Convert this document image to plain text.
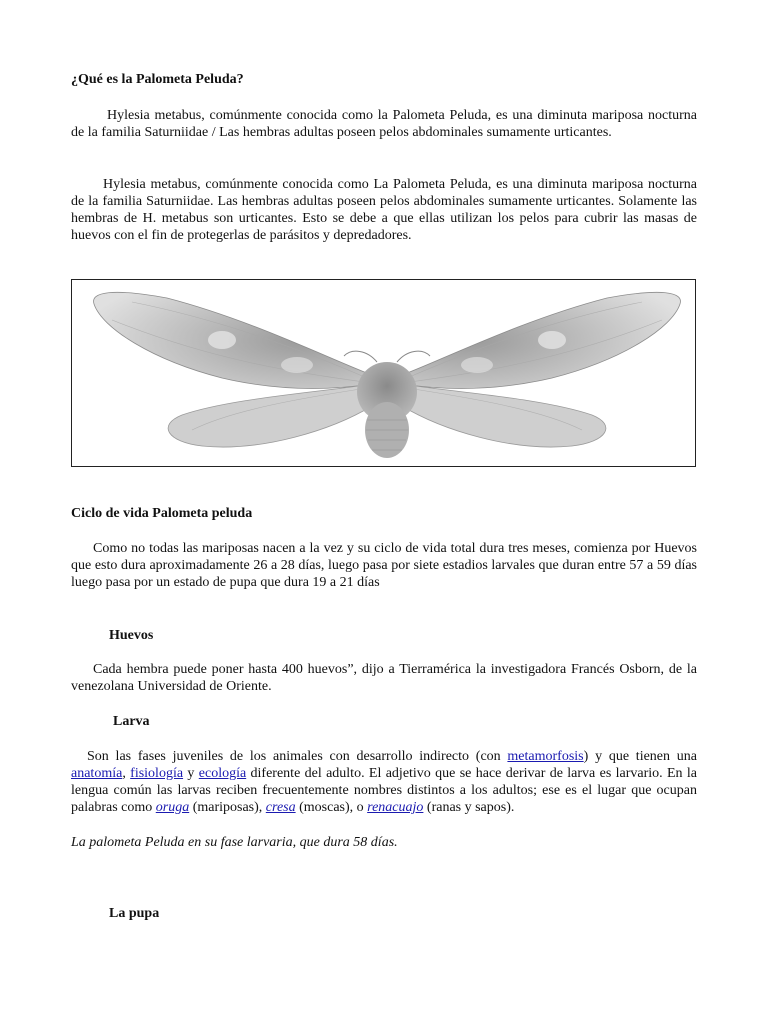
¿Qué es la Palometa Peluda?

Hylesia metabus, comúnmente conocida como la Palometa Peluda, es una diminuta mariposa nocturna de la familia Saturniidae / Las hembras adultas poseen pelos abdominales sumamente urticantes.

Hylesia metabus, comúnmente conocida como La Palometa Peluda, es una diminuta mariposa nocturna de la familia Saturniidae. Las hembras adultas poseen pelos abdominales sumamente urticantes. Solamente las hembras de H. metabus son urticantes. Esto se debe a que ellas utilizan los pelos para cubrir las masas de huevos con el fin de protegerlas de parásitos y depredadores.

Ciclo de vida Palometa peluda

Como no todas las mariposas nacen a la vez y su ciclo de vida total dura tres meses, comienza por Huevos que esto dura aproximadamente 26 a 28 días, luego pasa por siete estadios larvales que duran entre 57 a 59 días luego pasa por un estado de pupa que dura 19 a 21 días

Huevos

Cada hembra puede poner hasta 400 huevos”, dijo a Tierramérica la investigadora Francés Osborn, de la venezolana Universidad de Oriente.

Larva

Son las fases juveniles de los animales con desarrollo indirecto (con metamorfosis) y que tienen una anatomía, fisiología y ecología diferente del adulto. El adjetivo que se hace derivar de larva es larvario. En la lengua común las larvas reciben frecuentemente nombres distintos a los adultos; ese es el lugar que ocupan palabras como oruga (mariposas), cresa (moscas), o renacuajo (ranas y sapos).

La palometa Peluda en su fase larvaria, que dura 58 días.

La pupa
